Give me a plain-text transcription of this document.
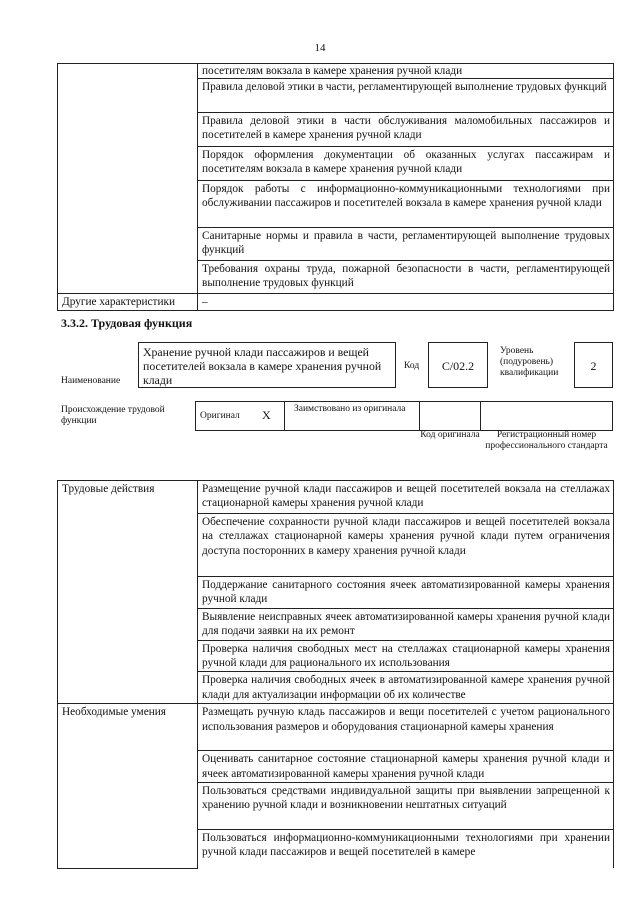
14
	посетителям вокзала в камере хранения ручной клади
	Правила деловой этики в части, регламентирующей выполнение трудовых функций
	Правила деловой этики в части обслуживания маломобильных пассажиров и посетителей в камере хранения ручной клади
	Порядок оформления документации об оказанных услугах пассажирам и посетителям вокзала в камере хранения ручной клади
	Порядок работы с информационно-коммуникационными технологиями при обслуживании пассажиров и посетителей вокзала в камере хранения ручной клади
	Санитарные нормы и правила в части, регламентирующей выполнение трудовых функций
	Требования охраны труда, пожарной безопасности в части, регламентирующей выполнение трудовых функций
Другие характеристики	–
3.3.2. Трудовая функция
Наименование
Хранение ручной клади пассажиров и вещей посетителей вокзала в камере хранения ручной клади
Код	С/02.2
Уровень (подуровень) квалификации	2
Происхождение трудовой функции	Оригинал X Заимствовано из оригинала
Код оригинала	Регистрационный номер профессионального стандарта
Трудовые действия	Размещение ручной клади пассажиров и вещей посетителей вокзала на стеллажах стационарной камеры хранения ручной клади
	Обеспечение сохранности ручной клади пассажиров и вещей посетителей вокзала на стеллажах стационарной камеры хранения ручной клади путем ограничения доступа посторонних в камеру хранения ручной клади
	Поддержание санитарного состояния ячеек автоматизированной камеры хранения ручной клади
	Выявление неисправных ячеек автоматизированной камеры хранения ручной клади для подачи заявки на их ремонт
	Проверка наличия свободных мест на стеллажах стационарной камеры хранения ручной клади для рационального их использования
	Проверка наличия свободных ячеек в автоматизированной камере хранения ручной клади для актуализации информации об их количестве
Необходимые умения	Размещать ручную кладь пассажиров и вещи посетителей с учетом рационального использования размеров и оборудования стационарной камеры хранения
	Оценивать санитарное состояние стационарной камеры хранения ручной клади и ячеек автоматизированной камеры хранения ручной клади
	Пользоваться средствами индивидуальной защиты при выявлении запрещенной к хранению ручной клади и возникновении нештатных ситуаций
	Пользоваться информационно-коммуникационными технологиями при хранении ручной клади пассажиров и вещей посетителей в камере
